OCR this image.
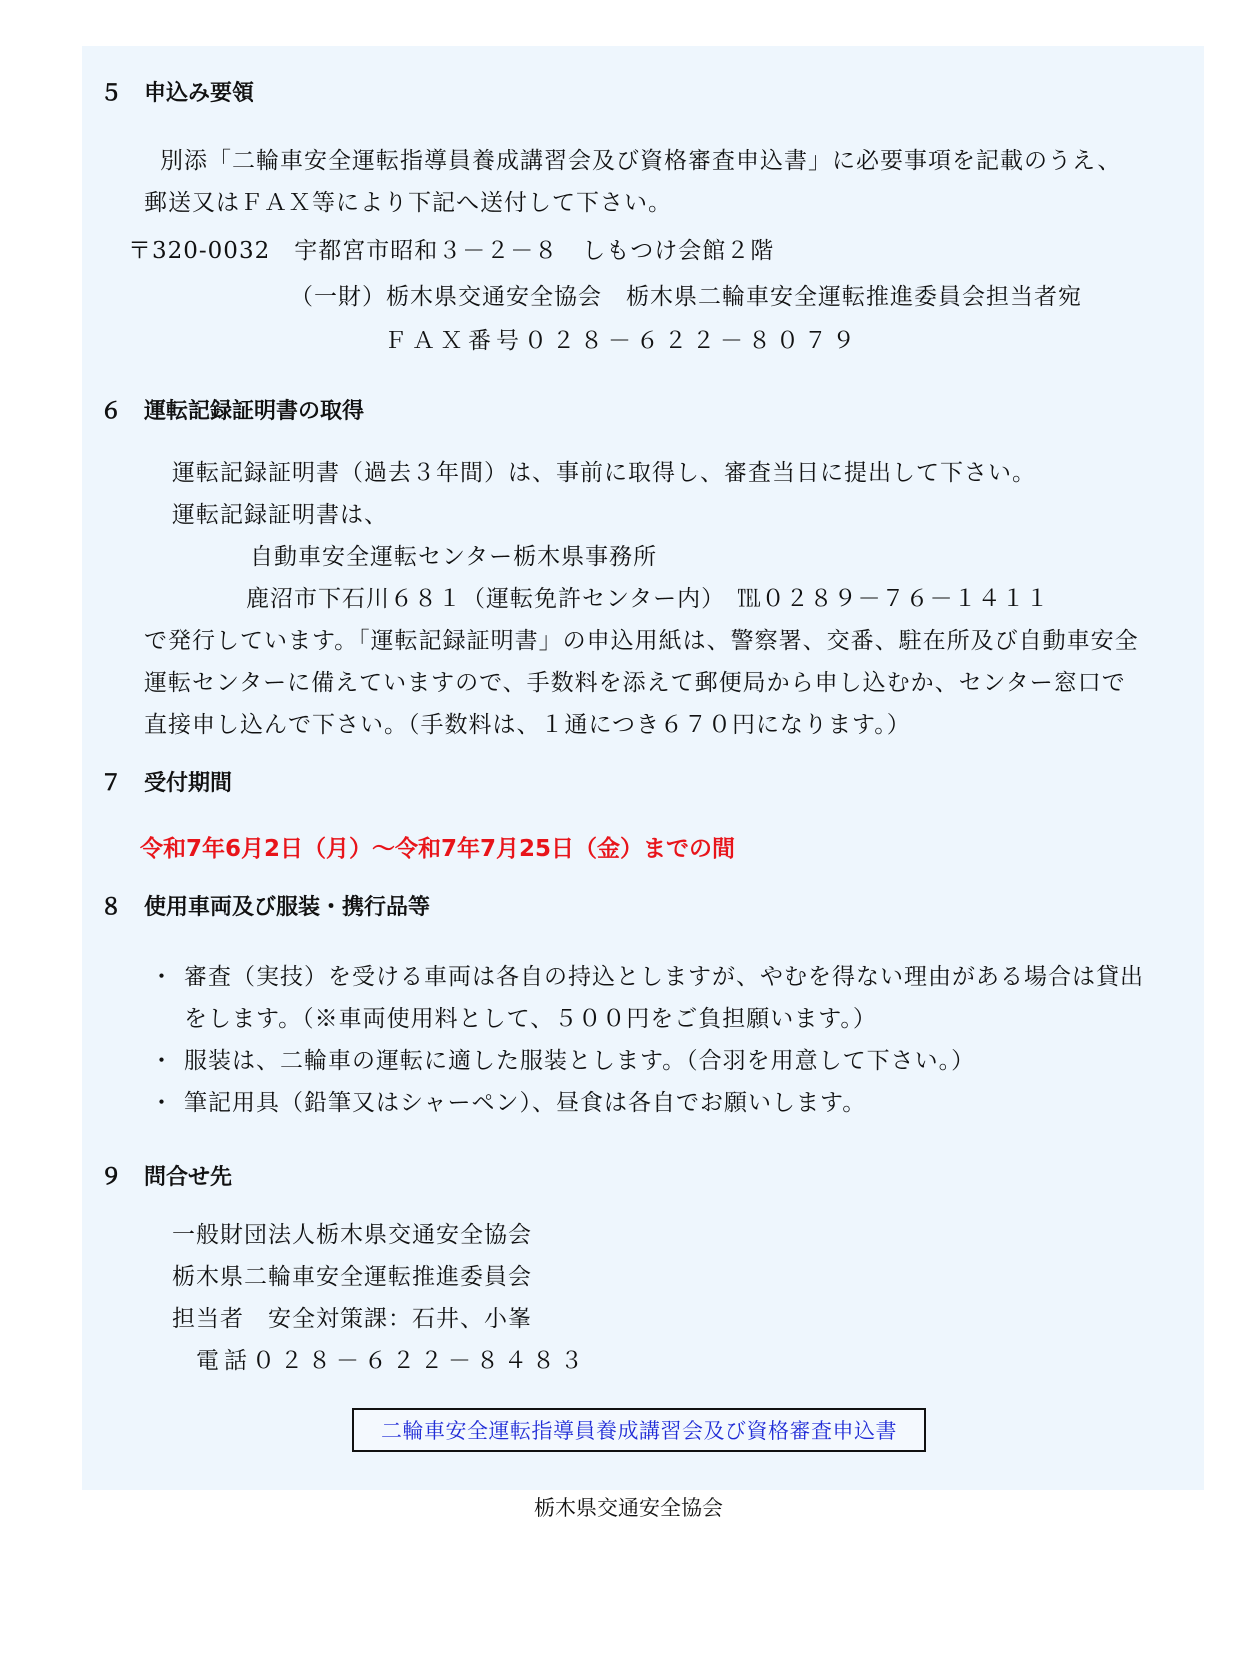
５　申込み要領

別添「二輪車安全運転指導員養成講習会及び資格審査申込書」に必要事項を記載のうえ、

郵送又はＦＡＸ等により下記へ送付して下さい。

〒320-0032　宇都宮市昭和３－２－８　しもつけ会館２階

（一財）栃木県交通安全協会　栃木県二輪車安全運転推進委員会担当者宛

ＦＡＸ番号０２８－６２２－８０７９

６　運転記録証明書の取得

運転記録証明書（過去３年間）は、事前に取得し、審査当日に提出して下さい。

運転記録証明書は、

自動車安全運転センター栃木県事務所

鹿沼市下石川６８１（運転免許センター内）　℡０２８９－７６－１４１１

で発行しています。「運転記録証明書」の申込用紙は、警察署、交番、駐在所及び自動車安全

運転センターに備えていますので、手数料を添えて郵便局から申し込むか、センター窓口で

直接申し込んで下さい。（手数料は、１通につき６７０円になります。）

７　受付期間

令和7年6月2日（月）～令和7年7月25日（金）までの間

８　使用車両及び服装・携行品等

・ 審査（実技）を受ける車両は各自の持込としますが、やむを得ない理由がある場合は貸出

をします。（※車両使用料として、５００円をご負担願います。）

・ 服装は、二輪車の運転に適した服装とします。（合羽を用意して下さい。）

・ 筆記用具（鉛筆又はシャーペン）、昼食は各自でお願いします。

９　問合せ先

一般財団法人栃木県交通安全協会

栃木県二輪車安全運転推進委員会

担当者　安全対策課：石井、小峯

電話０２８－６２２－８４８３

二輪車安全運転指導員養成講習会及び資格審査申込書

栃木県交通安全協会
